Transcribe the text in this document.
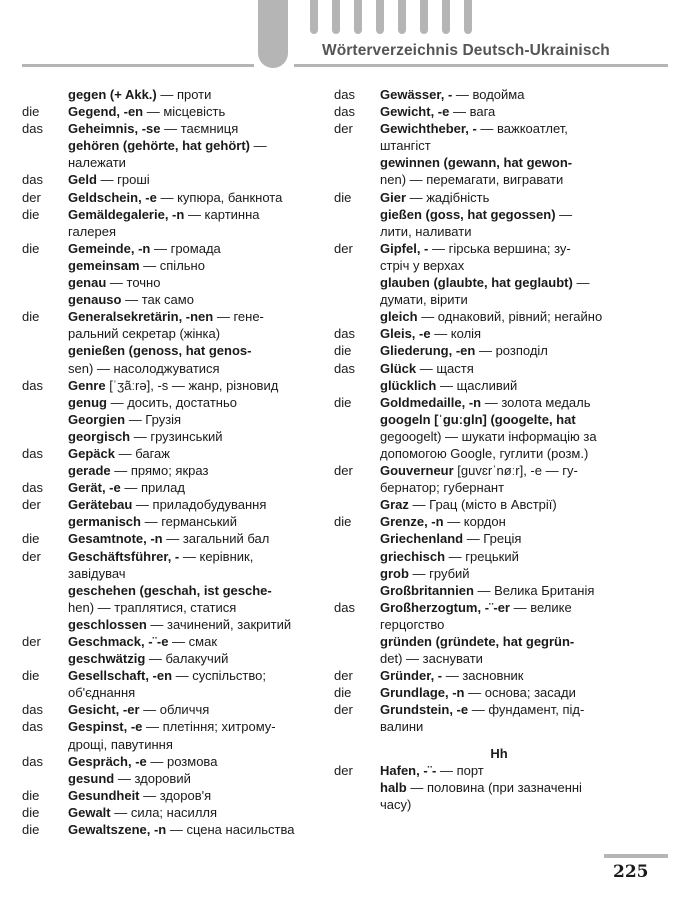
Wörterverzeichnis Deutsch-Ukrainisch
gegen (+ Akk.) — проти
die Gegend, -en — місцевість
das Geheimnis, -se — таємниця
gehören (gehörte, hat gehört) —
належати
das Geld — гроші
der Geldschein, -e — купюра, банкнота
die Gemäldegalerie, -n — картинна
галерея
die Gemeinde, -n — громада
gemeinsam — спільно
genau — точно
genauso — так само
die Generalsekretärin, -nen — гене-
ральний секретар (жінка)
genießen (genoss, hat genos-
sen) — насолоджуватися
das Genre [ˈʒãːrə], -s — жанр, різновид
genug — досить, достатньо
Georgien — Грузія
georgisch — грузинський
das Gepäck — багаж
gerade — прямо; якраз
das Gerät, -e — прилад
der Gerätebau — приладобудування
germanisch — германський
die Gesamtnote, -n — загальний бал
der Geschäftsführer, - — керівник,
завідувач
geschehen (geschah, ist gesche-
hen) — траплятися, статися
geschlossen — зачинений, закритий
der Geschmack, -¨-e — смак
geschwätzig — балакучий
die Gesellschaft, -en — суспільство;
об'єднання
das Gesicht, -er — обличчя
das Gespinst, -e — плетіння; хитрому-
дрощі, павутиння
das Gespräch, -e — розмова
gesund — здоровий
die Gesundheit — здоров'я
die Gewalt — сила; насилля
die Gewaltszene, -n — сцена насильства
das Gewässer, - — водойма
das Gewicht, -e — вага
der Gewichtheber, - — важкоатлет,
штангіст
gewinnen (gewann, hat gewon-
nen) — перемагати, вигравати
die Gier — жадібність
gießen (goss, hat gegossen) —
лити, наливати
der Gipfel, - — гірська вершина; зу-
стріч у верхах
glauben (glaubte, hat geglaubt) —
думати, вірити
gleich — однаковий, рівний; негайно
das Gleis, -e — колія
die Gliederung, -en — розподіл
das Glück — щастя
glücklich — щасливий
die Goldmedaille, -n — золота медаль
googeln [ˈguːgln] (googelte, hat
gegoogelt) — шукати інформацію за допомогою Google, гуглити (розм.)
der Gouverneur [guvɛrˈnøːr], -e — гу-
бернатор; губернант
Graz — Грац (місто в Австрії)
die Grenze, -n — кордон
Griechenland — Греція
griechisch — грецький
grob — грубий
Großbritannien — Велика Британія
das Großherzogtum, -¨-er — велике
герцогство
gründen (gründete, hat gegrün-
det) — заснувати
der Gründer, - — засновник
die Grundlage, -n — основа; засади
der Grundstein, -e — фундамент, під-
валини
Hh
der Hafen, -¨- — порт
halb — половина (при зазначенні
часу)
225
